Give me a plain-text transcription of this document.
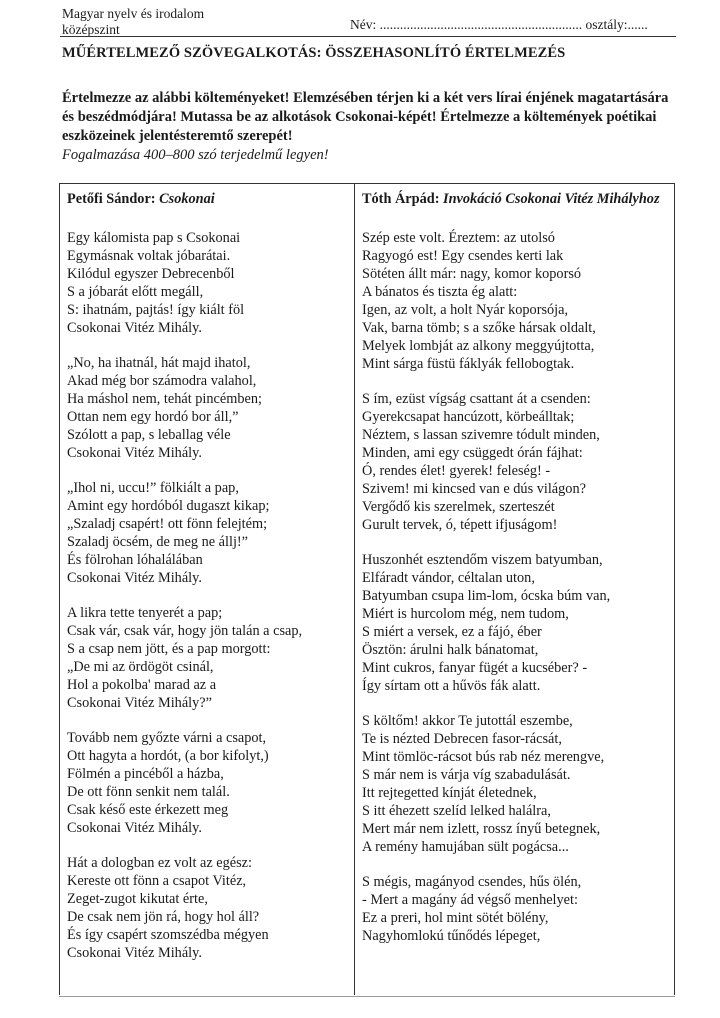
Magyar nyelv és irodalom
középszint	Név: ............................................................ osztály:......
MŰÉRTELMEZŐ SZÖVEGALKOTÁS: ÖSSZEHASONLÍTÓ ÉRTELMEZÉS

Értelmezze az alábbi költeményeket! Elemzésében térjen ki a két vers lírai énjének magatartására és beszédmódjára! Mutassa be az alkotások Csokonai-képét! Értelmezze a költemények poétikai eszközeinek jelentésteremtő szerepét!

Fogalmazása 400–800 szó terjedelmű legyen!

Petőfi Sándor: Csokonai
Egy kálomista pap s Csokonai
Egymásnak voltak jóbarátai.
Kilódul egyszer Debrecenből
S a jóbarát előtt megáll,
S: ihatnám, pajtás! így kiált föl
Csokonai Vitéz Mihály.
„No, ha ihatnál, hát majd ihatol,
Akad még bor számodra valahol,
Ha máshol nem, tehát pincémben;
Ottan nem egy hordó bor áll,”
Szólott a pap, s leballag véle
Csokonai Vitéz Mihály.
„Ihol ni, uccu!” fölkiált a pap,
Amint egy hordóból dugaszt kikap;
„Szaladj csapért! ott fönn felejtém;
Szaladj öcsém, de meg ne állj!”
És fölrohan lóhalálában
Csokonai Vitéz Mihály.
A likra tette tenyerét a pap;
Csak vár, csak vár, hogy jön talán a csap,
S a csap nem jött, és a pap morgott:
„De mi az ördögöt csinál,
Hol a pokolba' marad az a
Csokonai Vitéz Mihály?”
Tovább nem győzte várni a csapot,
Ott hagyta a hordót, (a bor kifolyt,)
Fölmén a pincéből a házba,
De ott fönn senkit nem talál.
Csak késő este érkezett meg
Csokonai Vitéz Mihály.
Hát a dologban ez volt az egész:
Kereste ott fönn a csapot Vitéz,
Zeget-zugot kikutat érte,
De csak nem jön rá, hogy hol áll?
És így csapért szomszédba mégyen
Csokonai Vitéz Mihály.
Tóth Árpád: Invokáció Csokonai Vitéz Mihályhoz
Szép este volt. Éreztem: az utolsó
Ragyogó est! Egy csendes kerti lak
Sötéten állt már: nagy, komor koporsó
A bánatos és tiszta ég alatt:
Igen, az volt, a holt Nyár koporsója,
Vak, barna tömb; s a szőke hársak oldalt,
Melyek lombját az alkony meggyújtotta,
Mint sárga füstü fáklyák fellobogtak.
S ím, ezüst vígság csattant át a csenden:
Gyerekcsapat hancúzott, körbeálltak;
Néztem, s lassan szivemre tódult minden,
Minden, ami egy csüggedt órán fájhat:
Ó, rendes élet! gyerek! feleség! -
Szivem! mi kincsed van e dús világon?
Vergődő kis szerelmek, szerteszét
Gurult tervek, ó, tépett ifjuságom!
Huszonhét esztendőm viszem batyumban,
Elfáradt vándor, céltalan uton,
Batyumban csupa lim-lom, ócska búm van,
Miért is hurcolom még, nem tudom,
S miért a versek, ez a fájó, éber
Ösztön: árulni halk bánatomat,
Mint cukros, fanyar fügét a kucséber? -
Így sírtam ott a hűvös fák alatt.
S költőm! akkor Te jutottál eszembe,
Te is nézted Debrecen fasor-rácsát,
Mint tömlöc-rácsot bús rab néz merengve,
S már nem is várja víg szabadulását.
Itt rejtegetted kínját életednek,
S itt éhezett szelíd lelked halálra,
Mert már nem izlett, rossz ínyű betegnek,
A remény hamujában sült pogácsa...
S mégis, magányod csendes, hűs ölén,
- Mert a magány ád végső menhelyet:
Ez a preri, hol mint sötét bölény,
Nagyhomlokú tűnődés lépeget,
